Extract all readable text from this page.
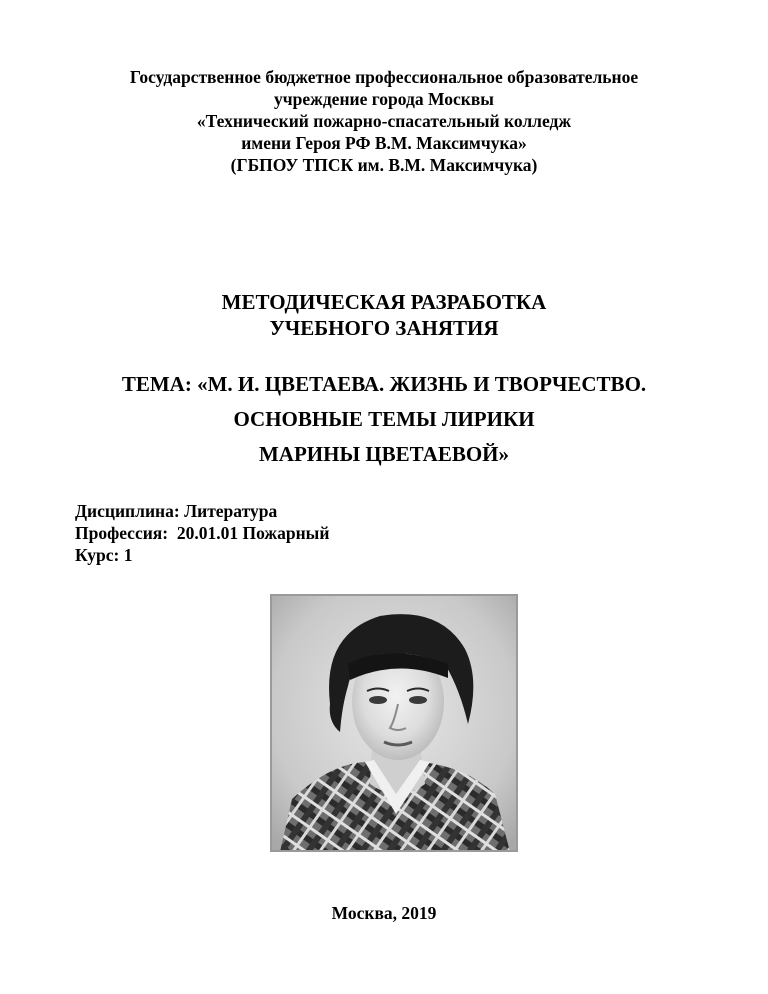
Государственное бюджетное профессиональное образовательное
учреждение города Москвы
«Технический пожарно-спасательный колледж
имени Героя РФ В.М. Максимчука»
(ГБПОУ ТПСК им. В.М. Максимчука)
МЕТОДИЧЕСКАЯ РАЗРАБОТКА
УЧЕБНОГО ЗАНЯТИЯ
ТЕМА: «М. И. ЦВЕТАЕВА. ЖИЗНЬ И ТВОРЧЕСТВО.
ОСНОВНЫЕ ТЕМЫ ЛИРИКИ
МАРИНЫ ЦВЕТАЕВОЙ»
Дисциплина: Литература
Профессия:  20.01.01 Пожарный
Курс: 1
Москва, 2019
